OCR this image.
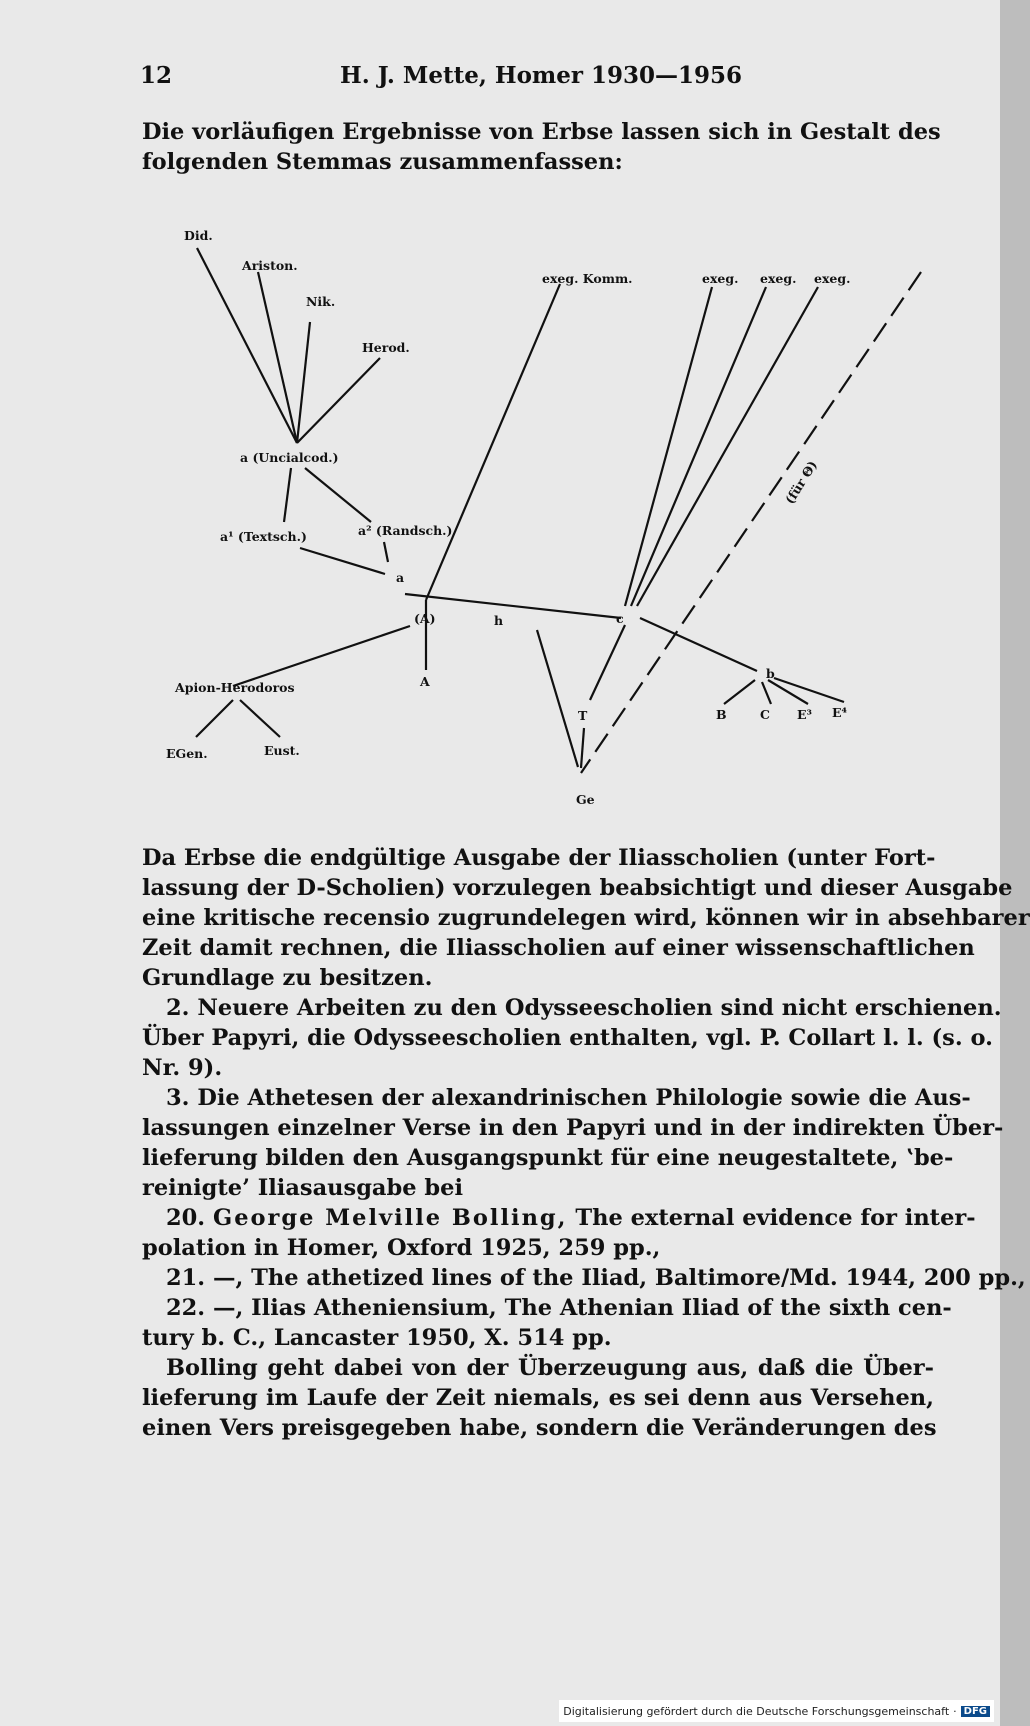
12	H. J. Mette, Homer 1930—1956
Die vorläufigen Ergebnisse von Erbse lassen sich in Gestalt des
folgenden Stemmas zusammenfassen:
Did.
Ariston.
Nik.
Herod.
exeg. Komm.	exeg. exeg. exeg.
a (Uncialcod.)
a¹ (Textsch.)	a² (Randsch.)
(für Θ)
a
(A)	h	c
A
Apion-Herodoros
b
B	C E³ E⁴
T
EGen.	Eust.
Ge
Da Erbse die endgültige Ausgabe der Iliasscholien (unter Fort-
lassung der D-Scholien) vorzulegen beabsichtigt und dieser Ausgabe
eine kritische recensio zugrundelegen wird, können wir in absehbarer
Zeit damit rechnen, die Iliasscholien auf einer wissenschaftlichen
Grundlage zu besitzen.
2. Neuere Arbeiten zu den Odysseescholien sind nicht erschienen.
Über Papyri, die Odysseescholien enthalten, vgl. P. Collart l. l. (s. o.
Nr. 9).
3. Die Athetesen der alexandrinischen Philologie sowie die Aus-
lassungen einzelner Verse in den Papyri und in der indirekten Über-
lieferung bilden den Ausgangspunkt für eine neugestaltete, ʽbe-
reinigte’ Iliasausgabe bei
20. George Melville Bolling, The external evidence for inter-
polation in Homer, Oxford 1925, 259 pp.,
21. —, The athetized lines of the Iliad, Baltimore/Md. 1944, 200 pp.,
22. —, Ilias Atheniensium, The Athenian Iliad of the sixth cen-
tury b. C., Lancaster 1950, X. 514 pp.
Bolling geht dabei von der Überzeugung aus, daß die Über-
lieferung im Laufe der Zeit niemals, es sei denn aus Versehen,
einen Vers preisgegeben habe, sondern die Veränderungen des
Digitalisierung gefördert durch die Deutsche Forschungsgemeinschaft · DFG
